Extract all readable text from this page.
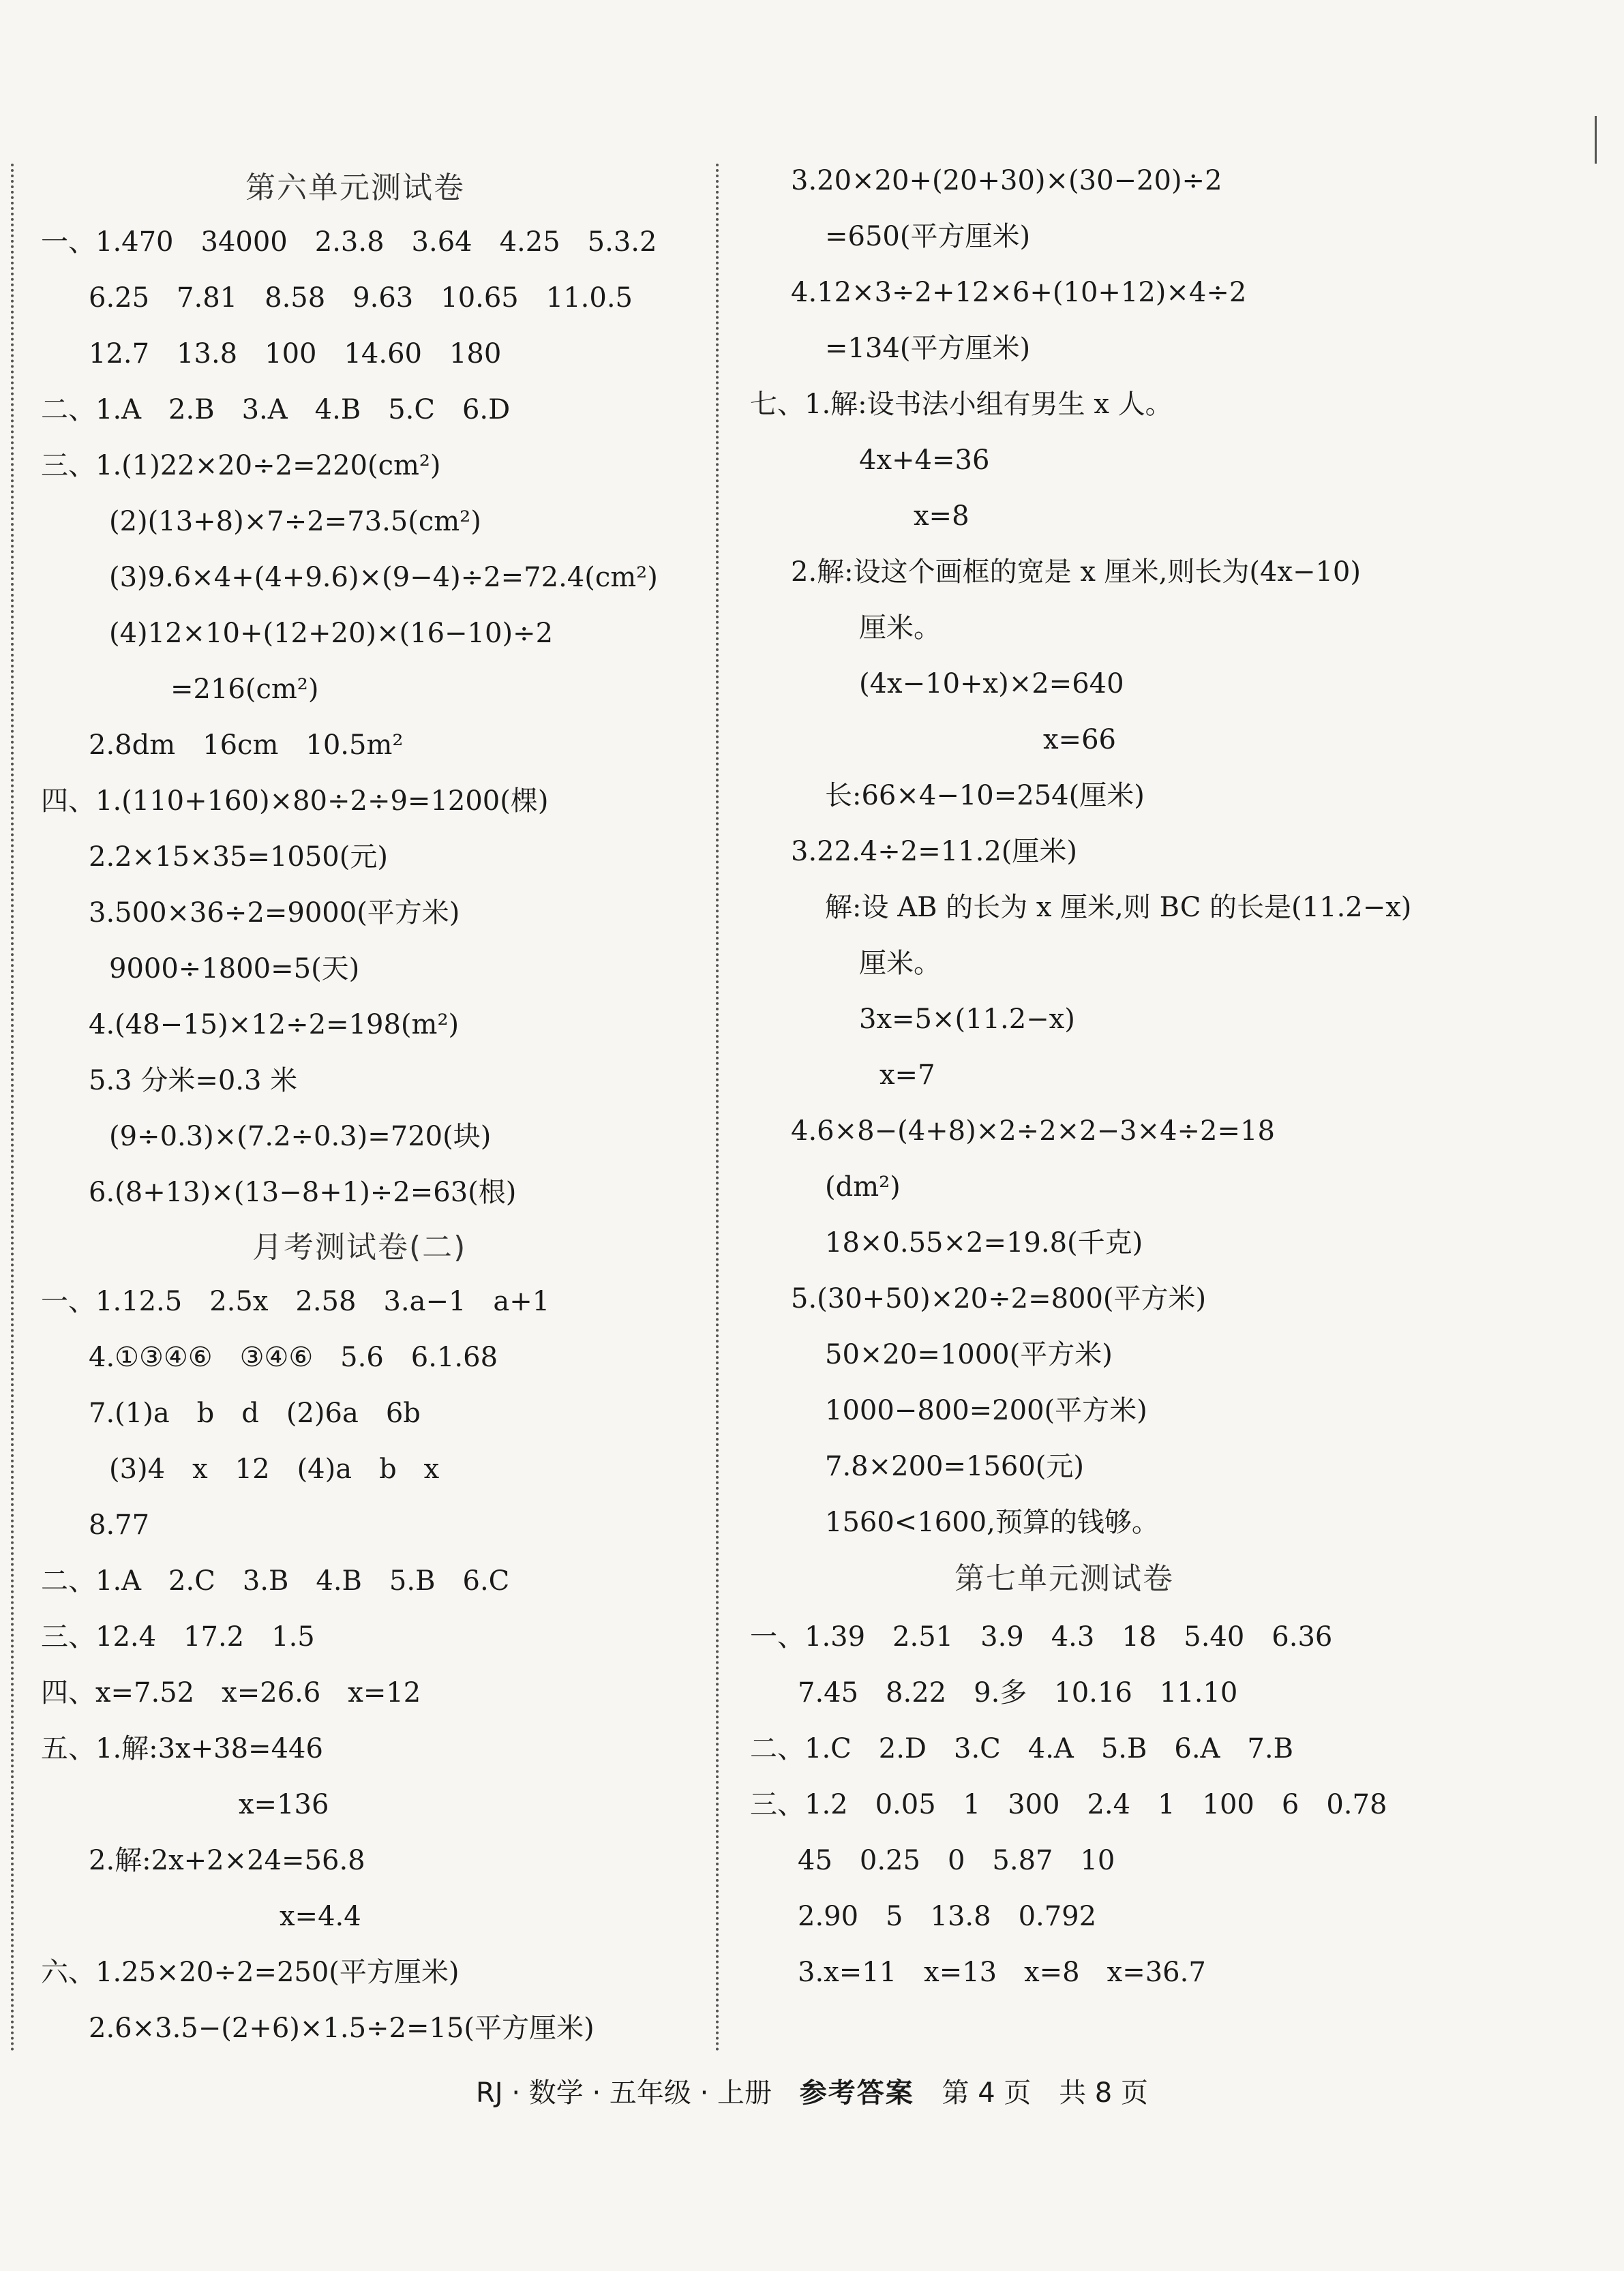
第六单元测试卷
一、1.470　34000　2.3.8　3.64　4.25　5.3.2
6.25　7.81　8.58　9.63　10.65　11.0.5
12.7　13.8　100　14.60　180
二、1.A　2.B　3.A　4.B　5.C　6.D
三、1.(1)22×20÷2=220(cm²)
(2)(13+8)×7÷2=73.5(cm²)
(3)9.6×4+(4+9.6)×(9−4)÷2=72.4(cm²)
(4)12×10+(12+20)×(16−10)÷2
=216(cm²)
2.8dm　16cm　10.5m²
四、1.(110+160)×80÷2÷9=1200(棵)
2.2×15×35=1050(元)
3.500×36÷2=9000(平方米)
9000÷1800=5(天)
4.(48−15)×12÷2=198(m²)
5.3 分米=0.3 米
(9÷0.3)×(7.2÷0.3)=720(块)
6.(8+13)×(13−8+1)÷2=63(根)
月考测试卷(二)
一、1.12.5　2.5x　2.58　3.a−1　a+1
4.①③④⑥　③④⑥　5.6　6.1.68
7.(1)a　b　d　(2)6a　6b
(3)4　x　12　(4)a　b　x
8.77
二、1.A　2.C　3.B　4.B　5.B　6.C
三、12.4　17.2　1.5
四、x=7.52　x=26.6　x=12
五、1.解:3x+38=446
x=136
2.解:2x+2×24=56.8
x=4.4
六、1.25×20÷2=250(平方厘米)
2.6×3.5−(2+6)×1.5÷2=15(平方厘米)
3.20×20+(20+30)×(30−20)÷2
=650(平方厘米)
4.12×3÷2+12×6+(10+12)×4÷2
=134(平方厘米)
七、1.解:设书法小组有男生 x 人。
4x+4=36
x=8
2.解:设这个画框的宽是 x 厘米,则长为(4x−10)
厘米。
(4x−10+x)×2=640
x=66
长:66×4−10=254(厘米)
3.22.4÷2=11.2(厘米)
解:设 AB 的长为 x 厘米,则 BC 的长是(11.2−x)
厘米。
3x=5×(11.2−x)
x=7
4.6×8−(4+8)×2÷2×2−3×4÷2=18
(dm²)
18×0.55×2=19.8(千克)
5.(30+50)×20÷2=800(平方米)
50×20=1000(平方米)
1000−800=200(平方米)
7.8×200=1560(元)
1560<1600,预算的钱够。
第七单元测试卷
一、1.39　2.51　3.9　4.3　18　5.40　6.36
7.45　8.22　9.多　10.16　11.10
二、1.C　2.D　3.C　4.A　5.B　6.A　7.B
三、1.2　0.05　1　300　2.4　1　100　6　0.78
45　0.25　0　5.87　10
2.90　5　13.8　0.792
3.x=11　x=13　x=8　x=36.7
RJ · 数学 · 五年级 · 上册 参考答案 第 4 页 共 8 页
